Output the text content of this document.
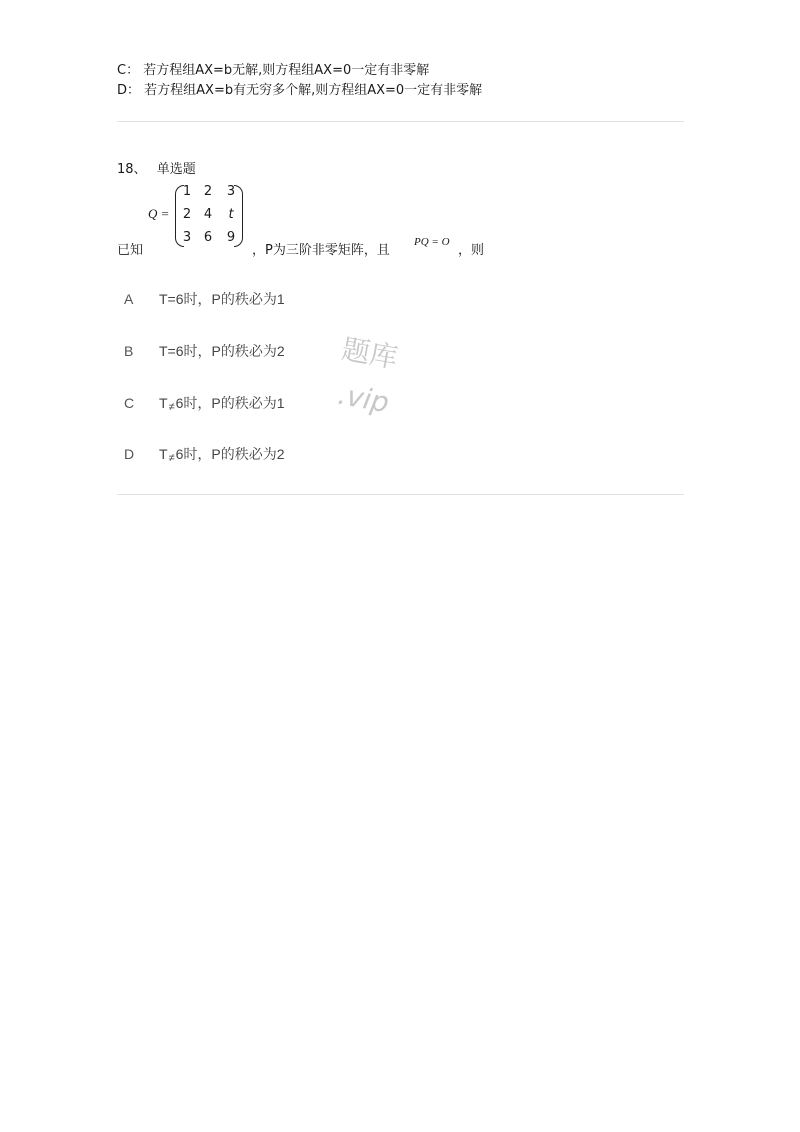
C： 若方程组AX=b无解,则方程组AX=0一定有非零解
D： 若方程组AX=b有无穷多个解,则方程组AX=0一定有非零解
18、 单选题
Q =
1 2 3
2 4	t
3 6 9
已知	，P为三阶非零矩阵，且
PQ = O
，则
A T=6时，P的秩必为1
B T=6时，P的秩必为2
C T≠6时，P的秩必为1
D T≠6时，P的秩必为2
题库
.vip
